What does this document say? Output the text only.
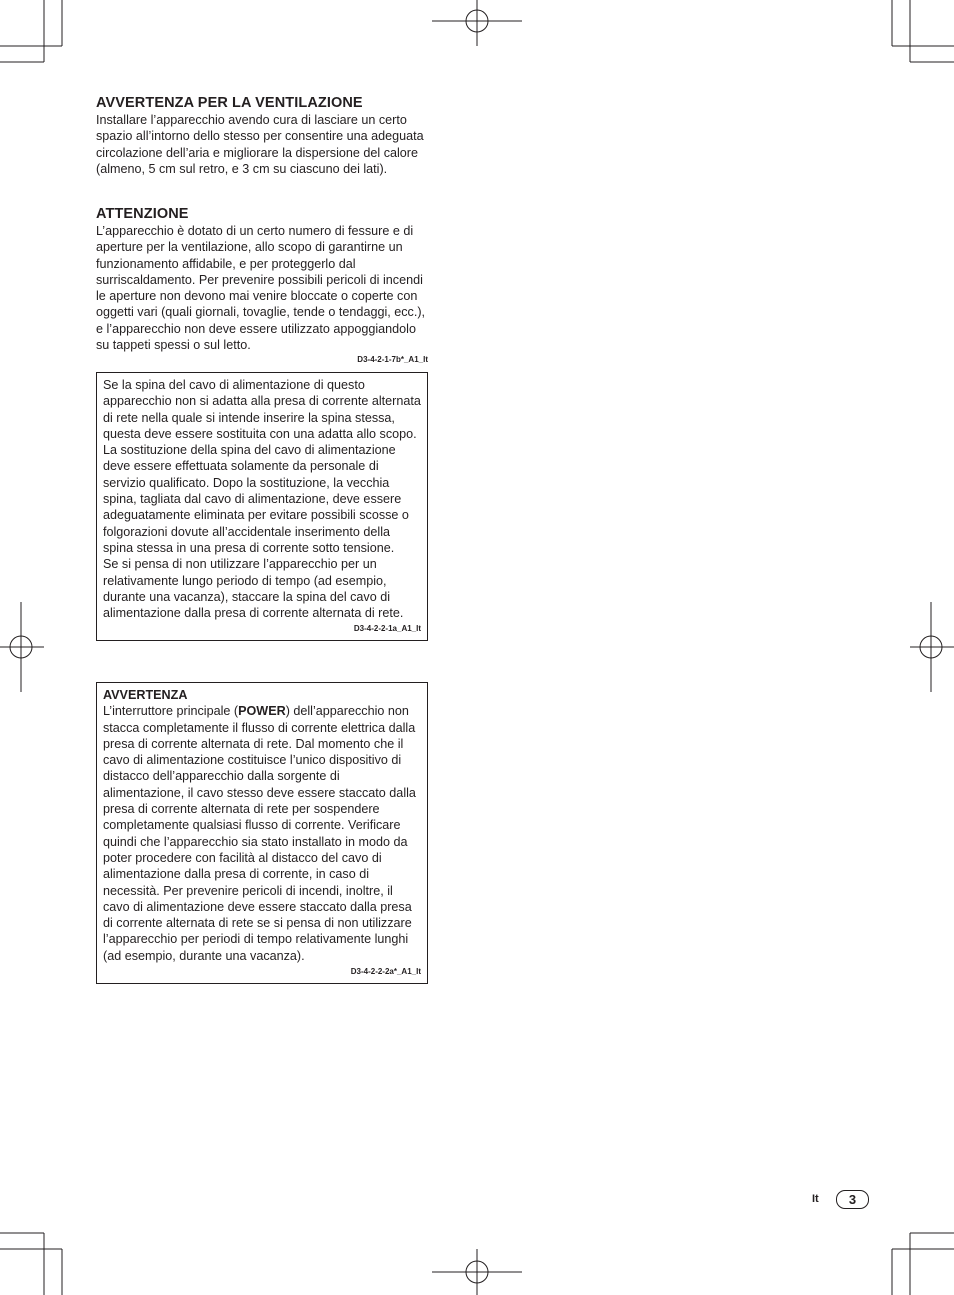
AVVERTENZA PER LA VENTILAZIONE

Installare l’apparecchio avendo cura di lasciare un certo spazio all’intorno dello stesso per consentire una adeguata circolazione dell’aria e migliorare la dispersione del calore (almeno, 5 cm sul retro, e 3 cm su ciascuno dei lati).

ATTENZIONE

L’apparecchio è dotato di un certo numero di fessure e di aperture per la ventilazione, allo scopo di garantirne un funzionamento affidabile, e per proteggerlo dal surriscaldamento. Per prevenire possibili pericoli di incendi le aperture non devono mai venire bloccate o coperte con oggetti vari (quali giornali, tovaglie, tende o tendaggi, ecc.), e l’apparecchio non deve essere utilizzato appoggiandolo su tappeti spessi o sul letto.

D3-4-2-1-7b*_A1_It

Se la spina del cavo di alimentazione di questo apparecchio non si adatta alla presa di corrente alternata di rete nella quale si intende inserire la spina stessa, questa deve essere sostituita con una adatta allo scopo. La sostituzione della spina del cavo di alimentazione deve essere effettuata solamente da personale di servizio qualificato. Dopo la sostituzione, la vecchia spina, tagliata dal cavo di alimentazione, deve essere adeguatamente eliminata per evitare possibili scosse o folgorazioni dovute all’accidentale inserimento della spina stessa in una presa di corrente sotto tensione.

Se si pensa di non utilizzare l’apparecchio per un relativamente lungo periodo di tempo (ad esempio, durante una vacanza), staccare la spina del cavo di alimentazione dalla presa di corrente alternata di rete.

D3-4-2-2-1a_A1_It
AVVERTENZA

L’interruttore principale (POWER) dell’apparecchio non stacca completamente il flusso di corrente elettrica dalla presa di corrente alternata di rete. Dal momento che il cavo di alimentazione costituisce l’unico dispositivo di distacco dell’apparecchio dalla sorgente di alimentazione, il cavo stesso deve essere staccato dalla presa di corrente alternata di rete per sospendere completamente qualsiasi flusso di corrente. Verificare quindi che l’apparecchio sia stato installato in modo da poter procedere con facilità al distacco del cavo di alimentazione dalla presa di corrente, in caso di necessità. Per prevenire pericoli di incendi, inoltre, il cavo di alimentazione deve essere staccato dalla presa di corrente alternata di rete se si pensa di non utilizzare l’apparecchio per periodi di tempo relativamente lunghi (ad esempio, durante una vacanza).

D3-4-2-2-2a*_A1_It
It	3
